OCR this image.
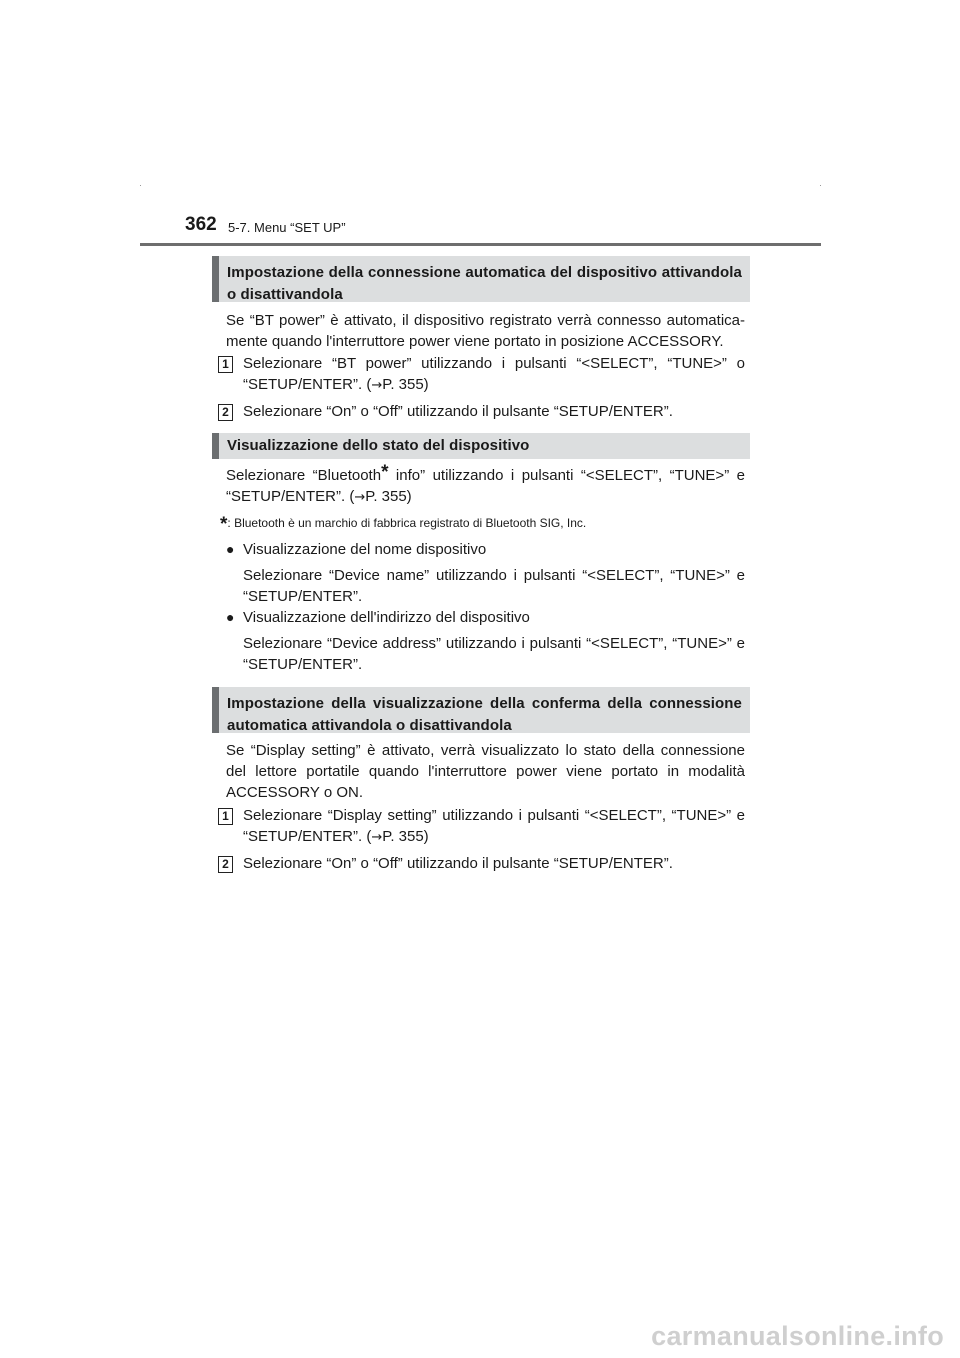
362 5-7. Menu “SET UP”
Impostazione della connessione automatica del dispositivo attivandola o disattivandola

Se “BT power” è attivato, il dispositivo registrato verrà connesso automatica-mente quando l'interruttore power viene portato in posizione ACCESSORY.

1 Selezionare “BT power” utilizzando i pulsanti “<SELECT”, “TUNE>” o “SETUP/ENTER”. (→P. 355)

2 Selezionare “On” o “Off” utilizzando il pulsante “SETUP/ENTER”.

Visualizzazione dello stato del dispositivo

Selezionare “Bluetooth* info” utilizzando i pulsanti “<SELECT”, “TUNE>” e “SETUP/ENTER”. (→P. 355)

*: Bluetooth è un marchio di fabbrica registrato di Bluetooth SIG, Inc.
● Visualizzazione del nome dispositivo

Selezionare “Device name” utilizzando i pulsanti “<SELECT”, “TUNE>” e “SETUP/ENTER”.

● Visualizzazione dell'indirizzo del dispositivo

Selezionare “Device address” utilizzando i pulsanti “<SELECT”, “TUNE>” e “SETUP/ENTER”.

Impostazione della visualizzazione della conferma della connessione automatica attivandola o disattivandola

Se “Display setting” è attivato, verrà visualizzato lo stato della connessione del lettore portatile quando l'interruttore power viene portato in modalità ACCESSORY o ON.

1 Selezionare “Display setting” utilizzando i pulsanti “<SELECT”, “TUNE>” e “SETUP/ENTER”. (→P. 355)

2 Selezionare “On” o “Off” utilizzando il pulsante “SETUP/ENTER”.

carmanualsonline.info
